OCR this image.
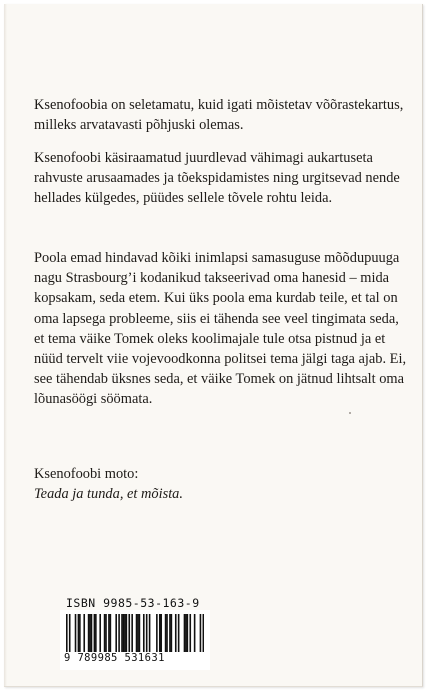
Ksenofoobia on seletamatu, kuid igati mõistetav võõrastekartus, milleks arvatavasti põhjuski olemas.

Ksenofoobi käsiraamatud juurdlevad vähimagi aukartuseta rahvuste arusaamades ja tõekspidamistes ning urgitsevad nende hellades külgedes, püüdes sellele tõvele rohtu leida.

Poola emad hindavad kõiki inimlapsi samasuguse mõõdupuuga nagu Strasbourg’i kodanikud takseerivad oma hanesid – mida kopsakam, seda etem. Kui üks poola ema kurdab teile, et tal on oma lapsega probleeme, siis ei tähenda see veel tingimata seda, et tema väike Tomek oleks koolimajale tule otsa pistnud ja et nüüd tervelt viie vojevoodkonna politsei tema jälgi taga ajab. Ei, see tähendab üksnes seda, et väike Tomek on jätnud lihtsalt oma lõunasöögi söömata.

Ksenofoobi moto:
Teada ja tunda, et mõista.

ISBN 9985-53-163-9
9 789985 531631
